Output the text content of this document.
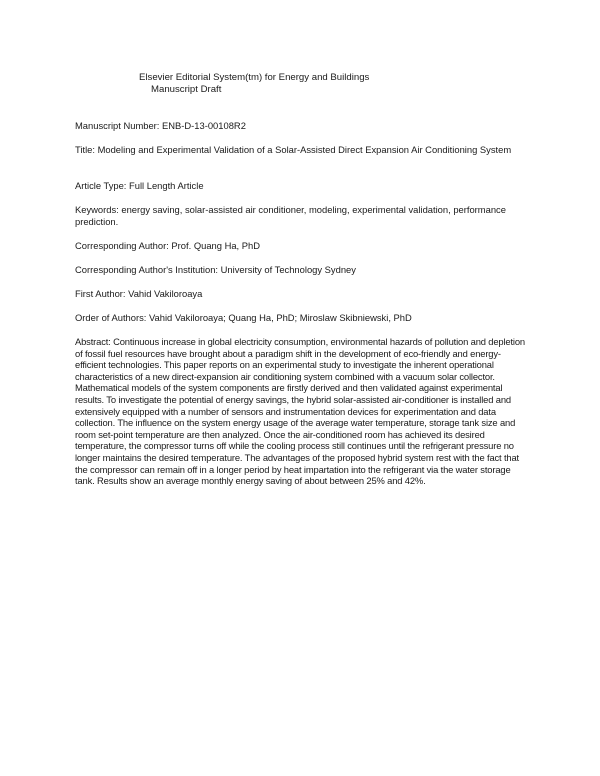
Elsevier Editorial System(tm) for Energy and Buildings
Manuscript Draft
Manuscript Number: ENB-D-13-00108R2
Title: Modeling and Experimental Validation of a Solar-Assisted Direct Expansion Air Conditioning System
Article Type: Full Length Article
Keywords: energy saving, solar-assisted air conditioner, modeling, experimental validation, performance prediction.
Corresponding Author: Prof. Quang Ha, PhD
Corresponding Author's Institution: University of Technology Sydney
First Author: Vahid Vakiloroaya
Order of Authors: Vahid Vakiloroaya; Quang Ha, PhD; Miroslaw Skibniewski, PhD
Abstract: Continuous increase in global electricity consumption, environmental hazards of pollution and depletion of fossil fuel resources have brought about a paradigm shift in the development of eco-friendly and energy-efficient technologies. This paper reports on an experimental study to investigate the inherent operational characteristics of a new direct-expansion air conditioning system combined with a vacuum solar collector. Mathematical models of the system components are firstly derived and then validated against experimental results. To investigate the potential of energy savings, the hybrid solar-assisted air-conditioner is installed and extensively equipped with a number of sensors and instrumentation devices for experimentation and data collection. The influence on the system energy usage of the average water temperature, storage tank size and room set-point temperature are then analyzed. Once the air-conditioned room has achieved its desired temperature, the compressor turns off while the cooling process still continues until the refrigerant pressure no longer maintains the desired temperature. The advantages of the proposed hybrid system rest with the fact that the compressor can remain off in a longer period by heat impartation into the refrigerant via the water storage tank. Results show an average monthly energy saving of about between 25% and 42%.
